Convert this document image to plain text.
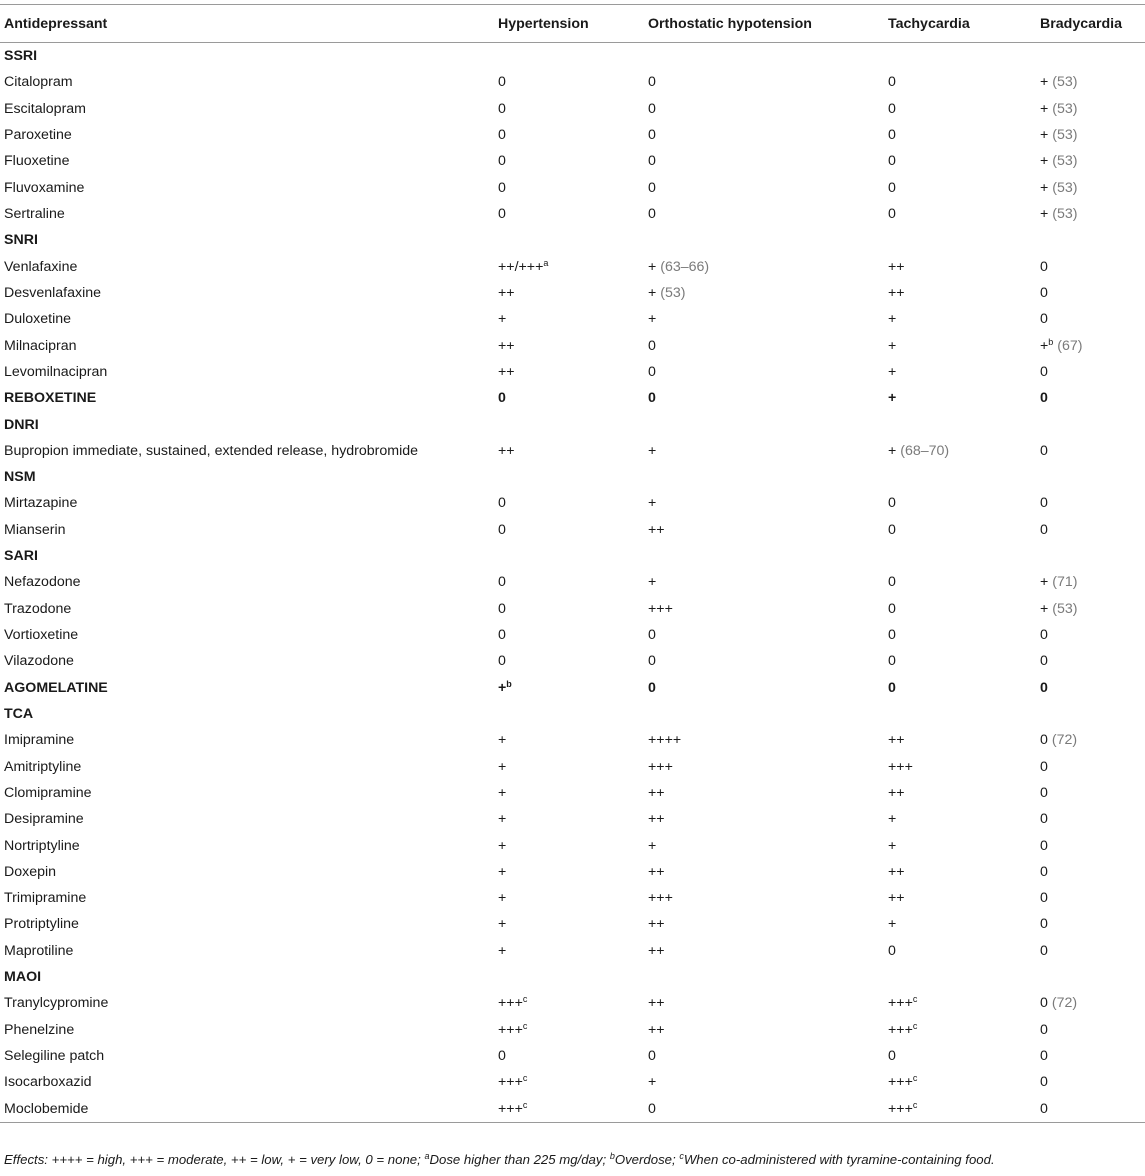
Antidepressant	Hypertension	Orthostatic hypotension	Tachycardia	Bradycardia
SSRI				
Citalopram	0	0	0	+ (53)
Escitalopram	0	0	0	+ (53)
Paroxetine	0	0	0	+ (53)
Fluoxetine	0	0	0	+ (53)
Fluvoxamine	0	0	0	+ (53)
Sertraline	0	0	0	+ (53)
SNRI				
Venlafaxine	++/+++$^a$	+ (63–66)	++	0
Desvenlafaxine	++	+ (53)	++	0
Duloxetine	+	+	+	0
Milnacipran	++	0	+	+$^b$ (67)
Levomilnacipran	++	0	+	0
REBOXETINE	0	0	+	0
DNRI				
Bupropion immediate, sustained, extended release, hydrobromide	++	+	+ (68–70)	0
NSM				
Mirtazapine	0	+	0	0
Mianserin	0	++	0	0
SARI				
Nefazodone	0	+	0	+ (71)
Trazodone	0	+++	0	+ (53)
Vortioxetine	0	0	0	0
Vilazodone	0	0	0	0
AGOMELATINE	+$^b$	0	0	0
TCA				
Imipramine	+	++++	++	0 (72)
Amitriptyline	+	+++	+++	0
Clomipramine	+	++	++	0
Desipramine	+	++	+	0
Nortriptyline	+	+	+	0
Doxepin	+	++	++	0
Trimipramine	+	+++	++	0
Protriptyline	+	++	+	0
Maprotiline	+	++	0	0
MAOI				
Tranylcypromine	+++$^c$	++	+++$^c$	0 (72)
Phenelzine	+++$^c$	++	+++$^c$	0
Selegiline patch	0	0	0	0
Isocarboxazid	+++$^c$	+	+++$^c$	0
Moclobemide	+++$^c$	0	+++$^c$	0
Effects: ++++ = high, +++ = moderate, ++ = low, + = very low, 0 = none; $^a$Dose higher than 225 mg/day; $^b$Overdose; $^c$When co-administered with tyramine-containing food.
